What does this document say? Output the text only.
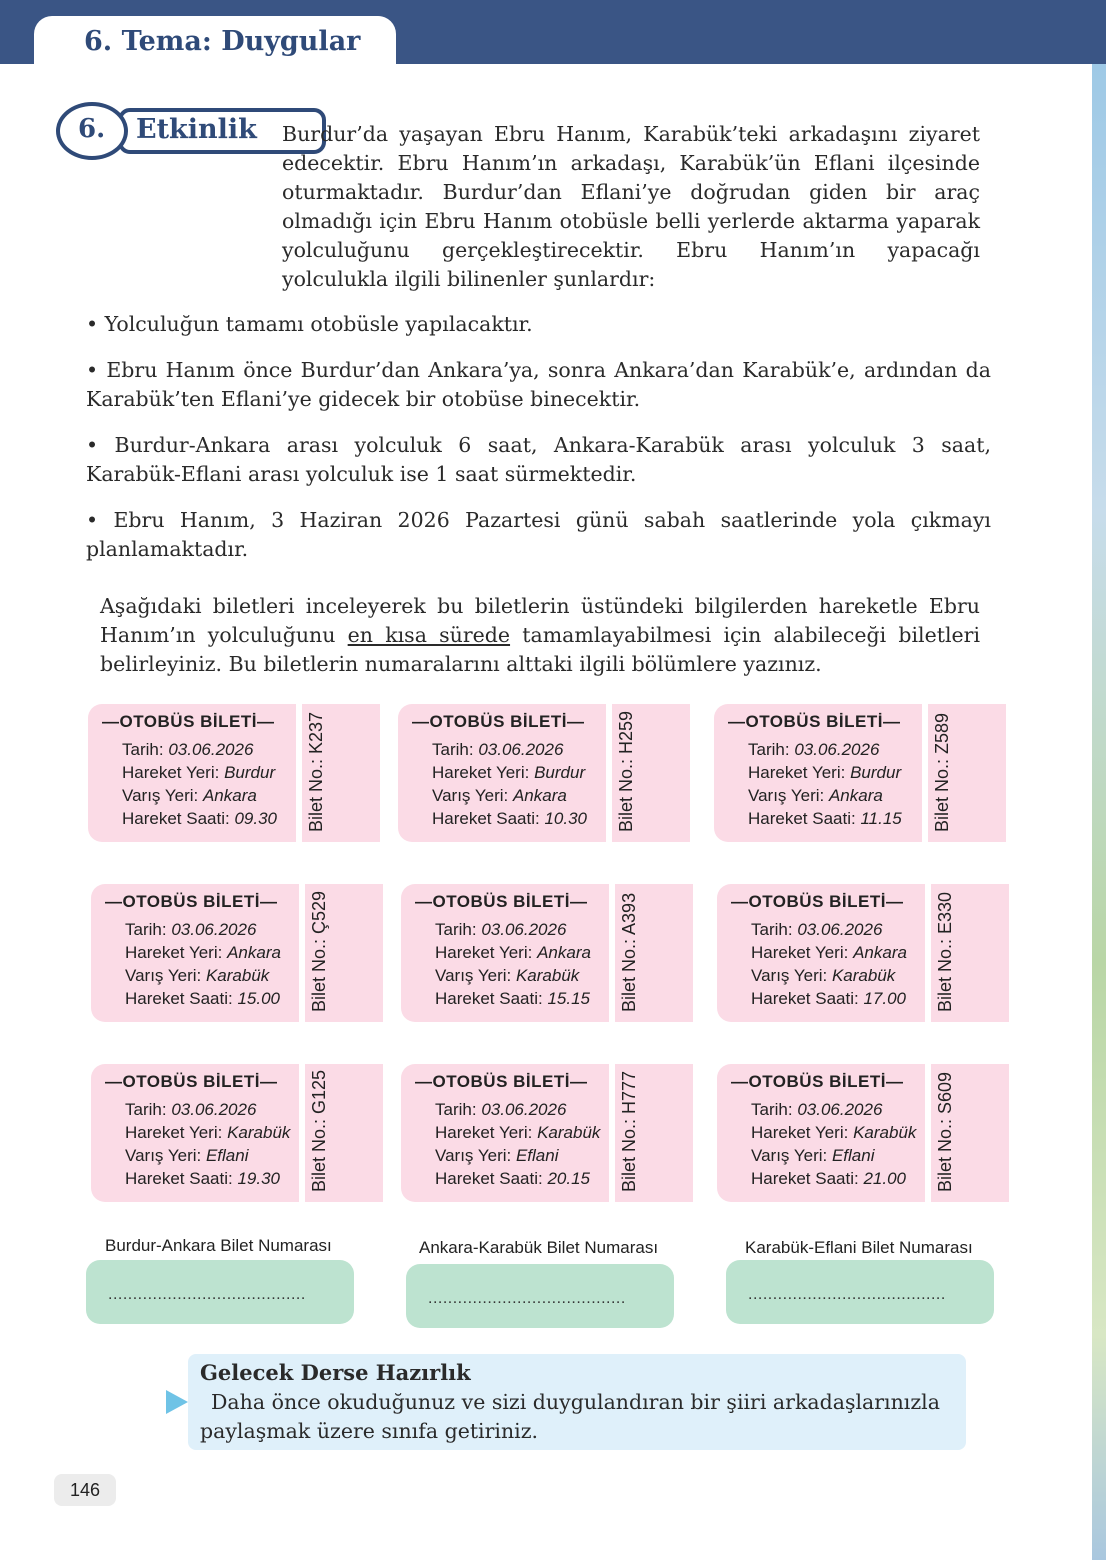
6. Tema: Duygular
6. Etkinlik Burdur’da yaşayan Ebru Hanım, Karabük’teki arkadaşını ziyaret edecektir. Ebru Hanım’ın arkadaşı, Karabük’ün Eflani ilçesinde oturmaktadır. Burdur’dan Eflani’ye doğrudan giden bir araç olmadığı için Ebru Hanım otobüsle belli yerlerde aktarma yaparak yolculuğunu gerçekleştirecektir. Ebru Hanım’ın yapacağı yolculukla ilgili bilinenler şunlardır:

• Yolculuğun tamamı otobüsle yapılacaktır.

• Ebru Hanım önce Burdur’dan Ankara’ya, sonra Ankara’dan Karabük’e, ardından da Karabük’ten Eflani’ye gidecek bir otobüse binecektir.

• Burdur-Ankara arası yolculuk 6 saat, Ankara-Karabük arası yolculuk 3 saat, Karabük-Eflani arası yolculuk ise 1 saat sürmektedir.

• Ebru Hanım, 3 Haziran 2026 Pazartesi günü sabah saatlerinde yola çıkmayı planlamaktadır.

Aşağıdaki biletleri inceleyerek bu biletlerin üstündeki bilgilerden hareketle Ebru Hanım’ın yolculuğunu en kısa sürede tamamlayabilmesi için alabileceği biletleri belirleyiniz. Bu biletlerin numaralarını alttaki ilgili bölümlere yazınız.

—OTOBÜS BİLETİ—
Tarih: 03.06.2026
Hareket Yeri: Burdur
Varış Yeri: Ankara
Hareket Saati: 09.30 Bilet No.: K237	—OTOBÜS BİLETİ—
Tarih: 03.06.2026
Hareket Yeri: Burdur
Varış Yeri: Ankara
Hareket Saati: 10.30 Bilet No.: H259	—OTOBÜS BİLETİ—
Tarih: 03.06.2026
Hareket Yeri: Burdur
Varış Yeri: Ankara
Hareket Saati: 11.15 Bilet No.: Z589
—OTOBÜS BİLETİ—
Tarih: 03.06.2026
Hareket Yeri: Ankara
Varış Yeri: Karabük
Hareket Saati: 15.00 Bilet No.: Ç529	—OTOBÜS BİLETİ—
Tarih: 03.06.2026
Hareket Yeri: Ankara
Varış Yeri: Karabük
Hareket Saati: 15.15 Bilet No.: A393	—OTOBÜS BİLETİ—
Tarih: 03.06.2026
Hareket Yeri: Ankara
Varış Yeri: Karabük
Hareket Saati: 17.00 Bilet No.: E330
—OTOBÜS BİLETİ—
Tarih: 03.06.2026
Hareket Yeri: Karabük
Varış Yeri: Eflani
Hareket Saati: 19.30 Bilet No.: G125	—OTOBÜS BİLETİ—
Tarih: 03.06.2026
Hareket Yeri: Karabük
Varış Yeri: Eflani
Hareket Saati: 20.15 Bilet No.: H777	—OTOBÜS BİLETİ—
Tarih: 03.06.2026
Hareket Yeri: Karabük
Varış Yeri: Eflani
Hareket Saati: 21.00 Bilet No.: S609
Burdur-Ankara Bilet Numarası
........................................
Ankara-Karabük Bilet Numarası
........................................
Karabük-Eflani Bilet Numarası
........................................
Gelecek Derse Hazırlık

Daha önce okuduğunuz ve sizi duygulandıran bir şiiri arkadaşlarınızla paylaşmak üzere sınıfa getiriniz.

146
